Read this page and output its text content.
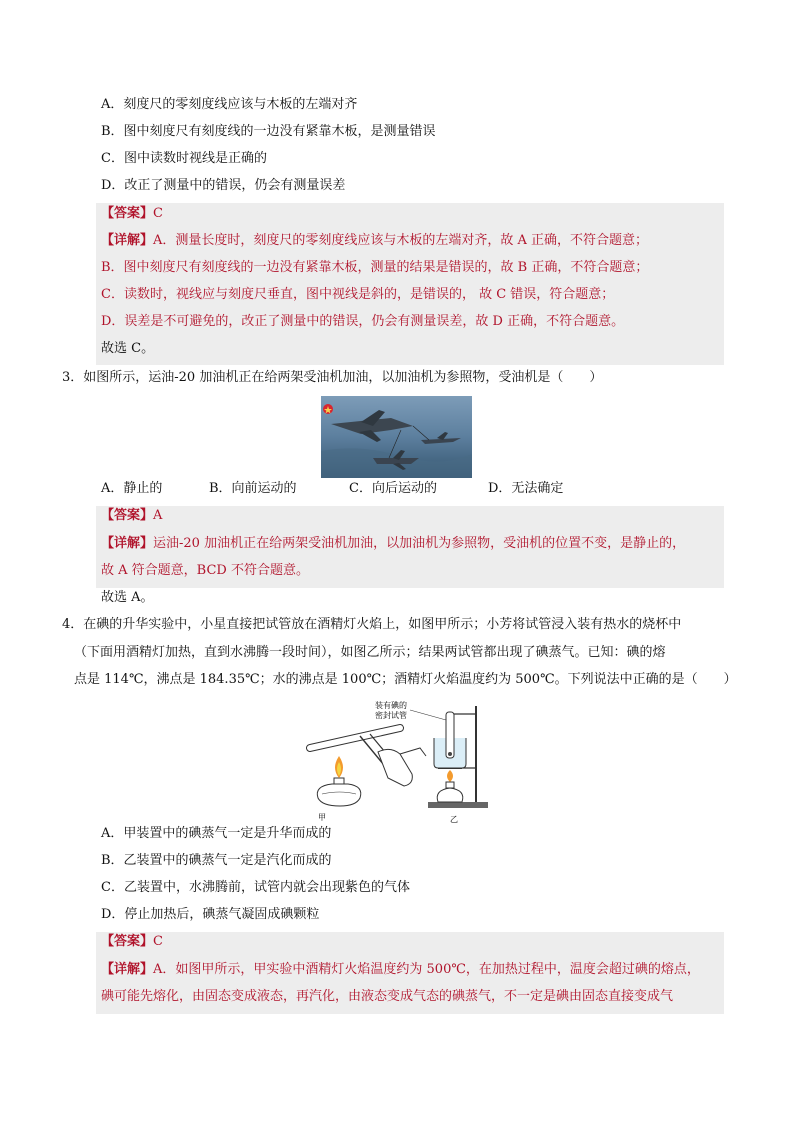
A．刻度尺的零刻度线应该与木板的左端对齐
B．图中刻度尺有刻度线的一边没有紧靠木板，是测量错误
C．图中读数时视线是正确的
D．改正了测量中的错误，仍会有测量误差
【答案】C
【详解】A．测量长度时，刻度尺的零刻度线应该与木板的左端对齐，故 A 正确，不符合题意；
B．图中刻度尺有刻度线的一边没有紧靠木板，测量的结果是错误的，故 B 正确，不符合题意；
C．读数时，视线应与刻度尺垂直，图中视线是斜的，是错误的， 故 C 错误，符合题意；
D．误差是不可避免的，改正了测量中的错误，仍会有测量误差，故 D 正确，不符合题意。
故选 C。
3．如图所示，运油-20 加油机正在给两架受油机加油，以加油机为参照物，受油机是（　　）
A．静止的	B．向前运动的	C．向后运动的	D．无法确定
【答案】A
【详解】运油-20 加油机正在给两架受油机加油，以加油机为参照物，受油机的位置不变，是静止的，
故 A 符合题意，BCD 不符合题意。
故选 A。
4．在碘的升华实验中，小星直接把试管放在酒精灯火焰上，如图甲所示；小芳将试管浸入装有热水的烧杯中
（下面用酒精灯加热，直到水沸腾一段时间），如图乙所示；结果两试管都出现了碘蒸气。已知：碘的熔
点是 114℃，沸点是 184.35℃；水的沸点是 100℃；酒精灯火焰温度约为 500℃。下列说法中正确的是（　　）
甲
装有碘的
密封试管
乙
A．甲装置中的碘蒸气一定是升华而成的
B．乙装置中的碘蒸气一定是汽化而成的
C．乙装置中，水沸腾前，试管内就会出现紫色的气体
D．停止加热后，碘蒸气凝固成碘颗粒
【答案】C
【详解】A．如图甲所示，甲实验中酒精灯火焰温度约为 500℃，在加热过程中，温度会超过碘的熔点，
碘可能先熔化，由固态变成液态，再汽化，由液态变成气态的碘蒸气，不一定是碘由固态直接变成气
